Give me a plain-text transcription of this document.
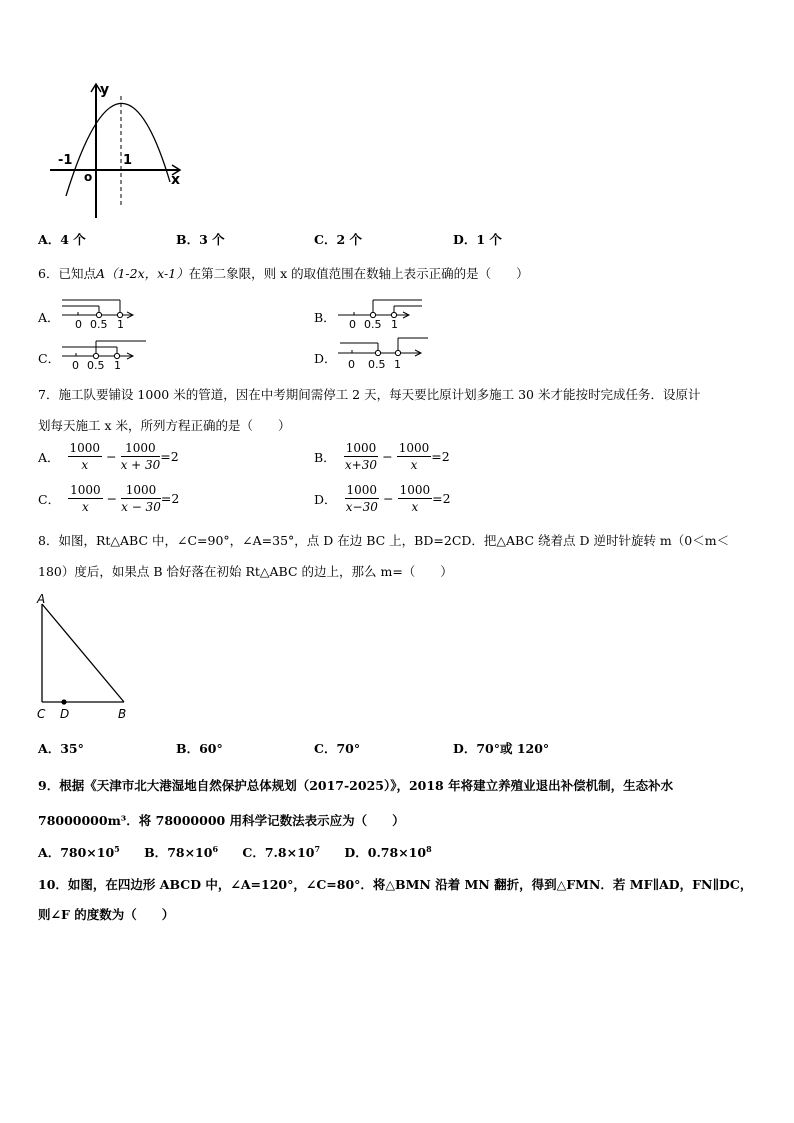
y
x
o
-1	1
A．4 个	B．3 个	C．2 个	D．1 个
6．已知点A（1-2x，x-1）在第二象限，则 x 的取值范围在数轴上表示正确的是（　　）
A． 0 0.5 1	B． 0 0.5 1
C． 0 0.5 1	D． 0 0.5 1
7．施工队要铺设 1000 米的管道，因在中考期间需停工 2 天，每天要比原计划多施工 30 米才能按时完成任务．设原计
划每天施工 x 米，所列方程正确的是（　　）
A． $\frac{1000}{x} - \frac{1000}{x + 30} =2$	B． $\frac{1000}{x+30} - \frac{1000}{x} =2$
C． $\frac{1000}{x} - \frac{1000}{x - 30} =2$	D． $\frac{1000}{x-30} - \frac{1000}{x} =2$
8．如图，Rt△ABC 中，∠C=90°，∠A=35°，点 D 在边 BC 上，BD=2CD．把△ABC 绕着点 D 逆时针旋转 m（0＜m＜
180）度后，如果点 B 恰好落在初始 Rt△ABC 的边上，那么 m=（　　）
A
C D	B
A．35°	B．60°	C．70°	D．70°或 120°
9．根据《天津市北大港湿地自然保护总体规划（2017-2025）》，2018 年将建立养殖业退出补偿机制，生态补水
78000000m³．将 78000000 用科学记数法表示应为（　　）
A．$780\times 10^5$ B．$78\times 10^6$ C．$7.8\times 10^7$ D．$0.78\times 10^8$
10．如图，在四边形 ABCD 中，∠A=120°，∠C=80°．将△BMN 沿着 MN 翻折，得到△FMN．若 MF∥AD，FN∥DC，
则∠F 的度数为（　　）
